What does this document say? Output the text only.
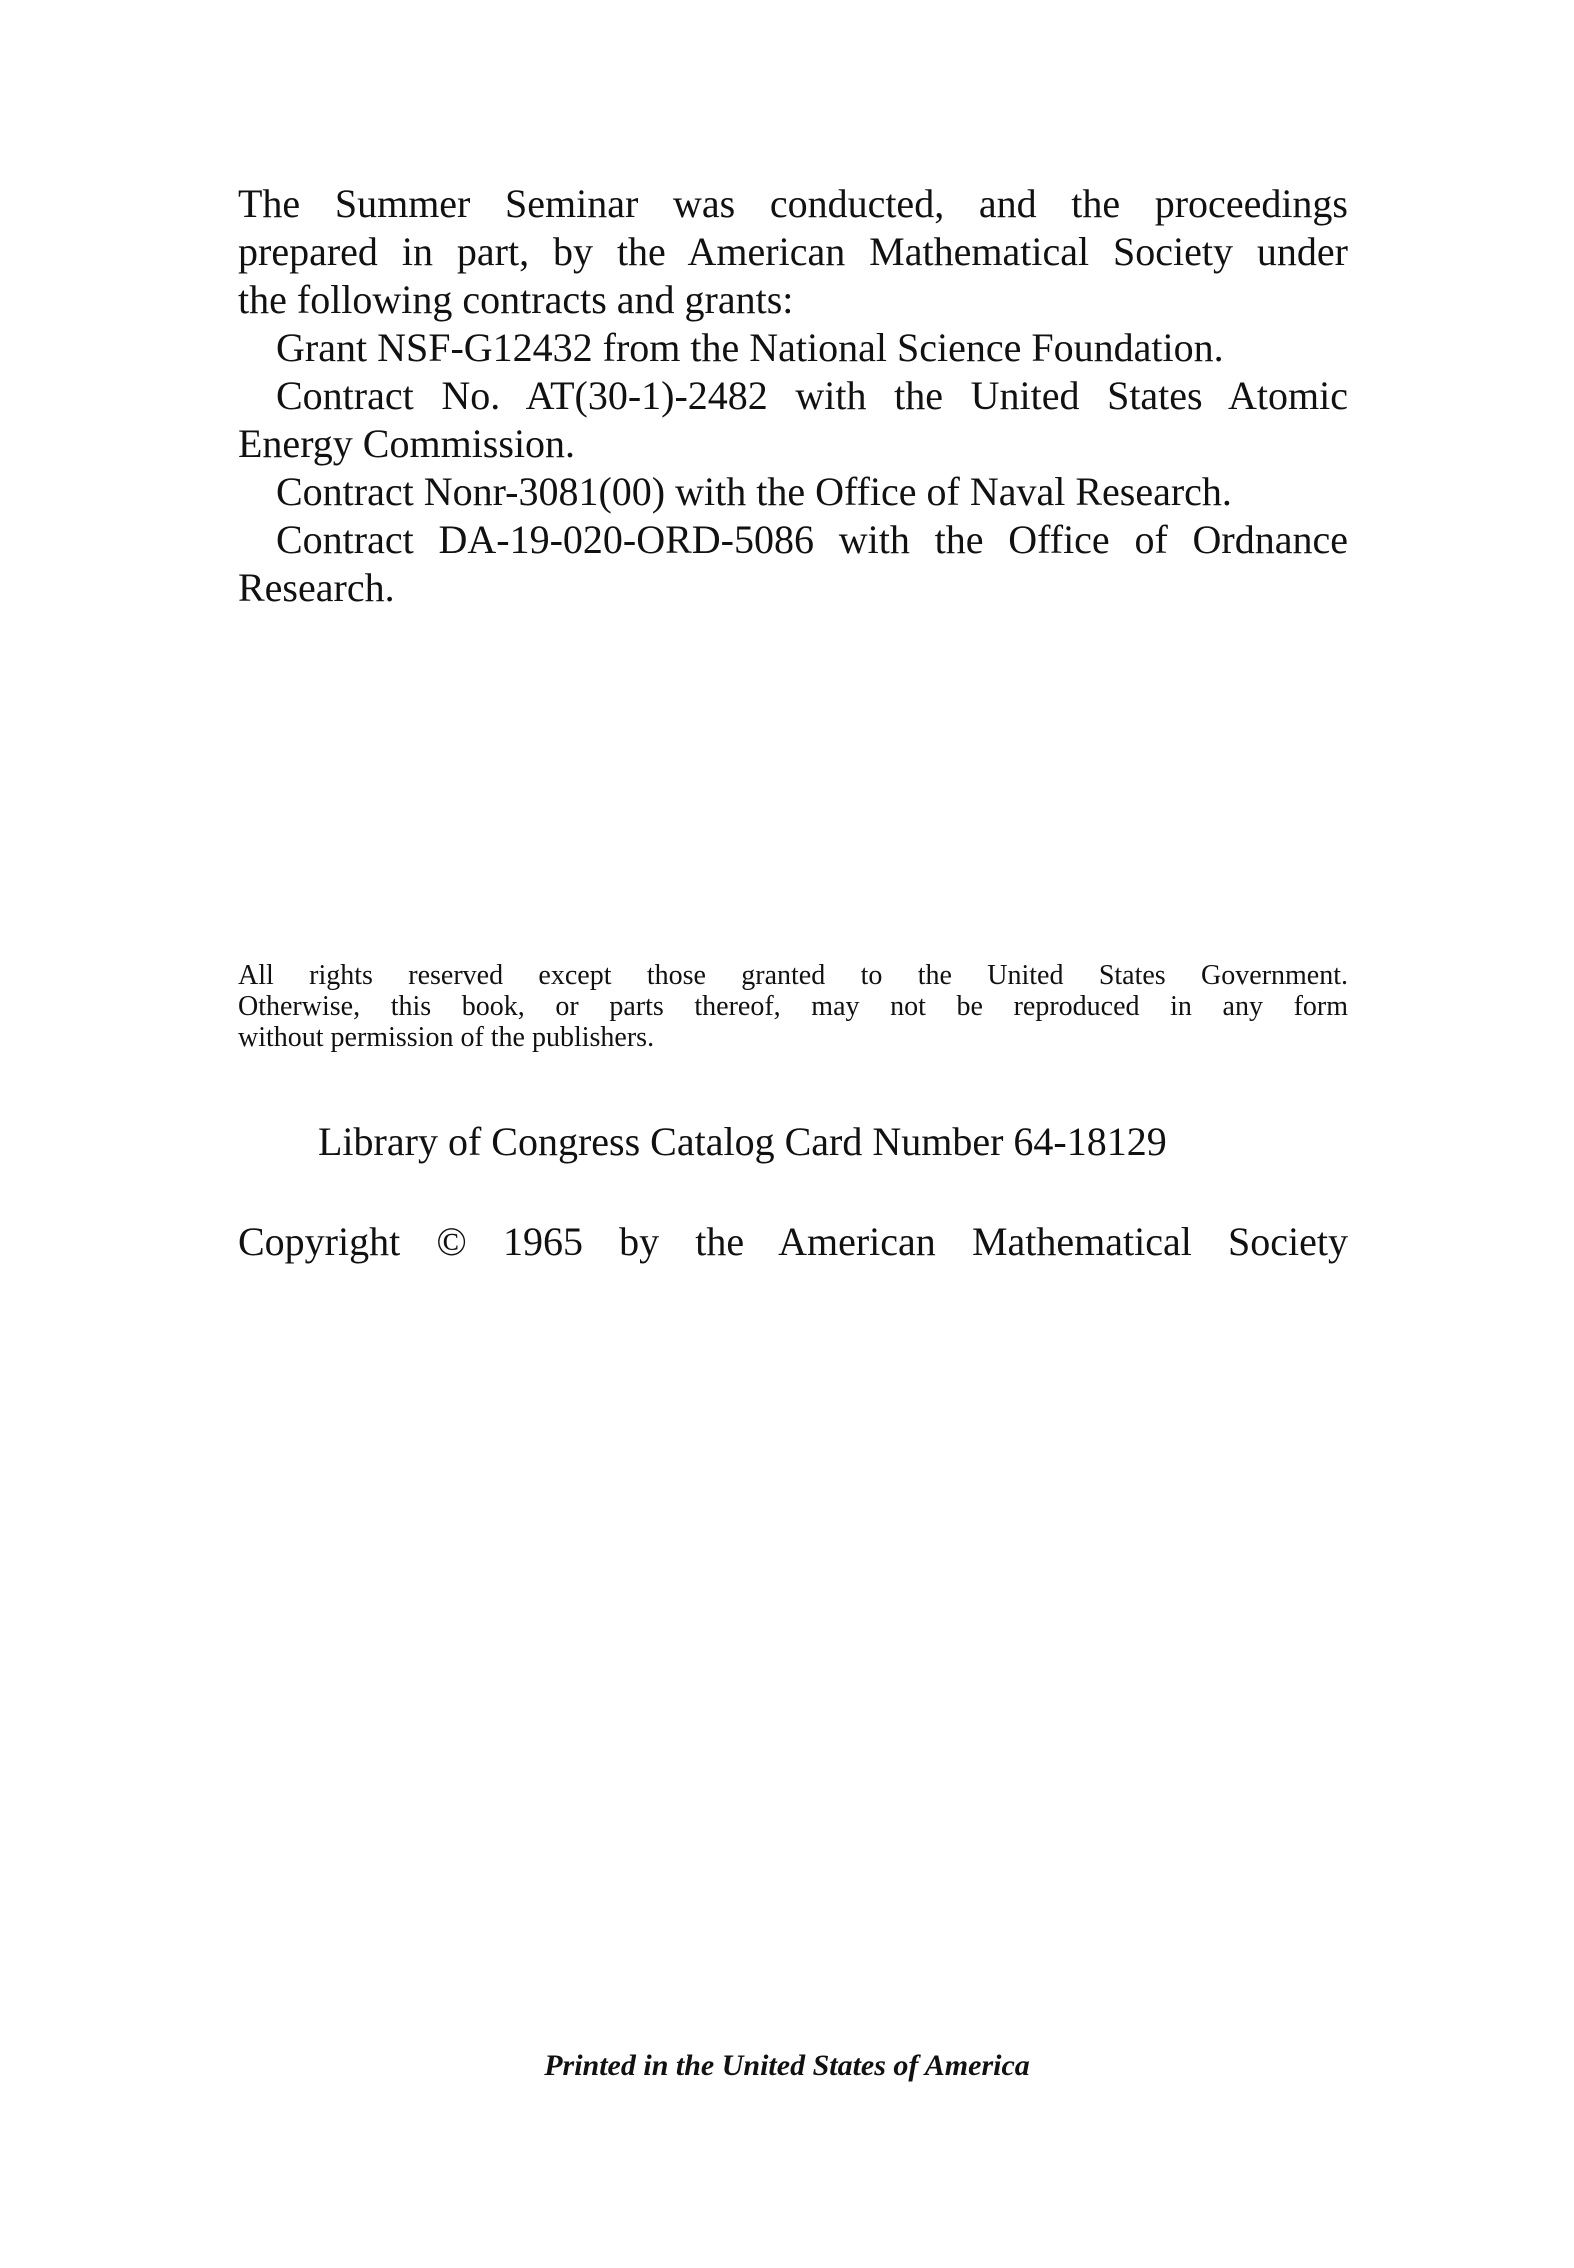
The Summer Seminar was conducted, and the proceedings

prepared in part, by the American Mathematical Society under

the following contracts and grants:

Grant NSF-G12432 from the National Science Foundation.

Contract No. AT(30-1)-2482 with the United States Atomic

Energy Commission.

Contract Nonr-3081(00) with the Office of Naval Research.

Contract DA-19-020-ORD-5086 with the Office of Ordnance

Research.

All rights reserved except those granted to the United States Government.

Otherwise, this book, or parts thereof, may not be reproduced in any form

without permission of the publishers.

Library of Congress Catalog Card Number 64-18129
Copyright © 1965 by the American Mathematical Society
Printed in the United States of America
